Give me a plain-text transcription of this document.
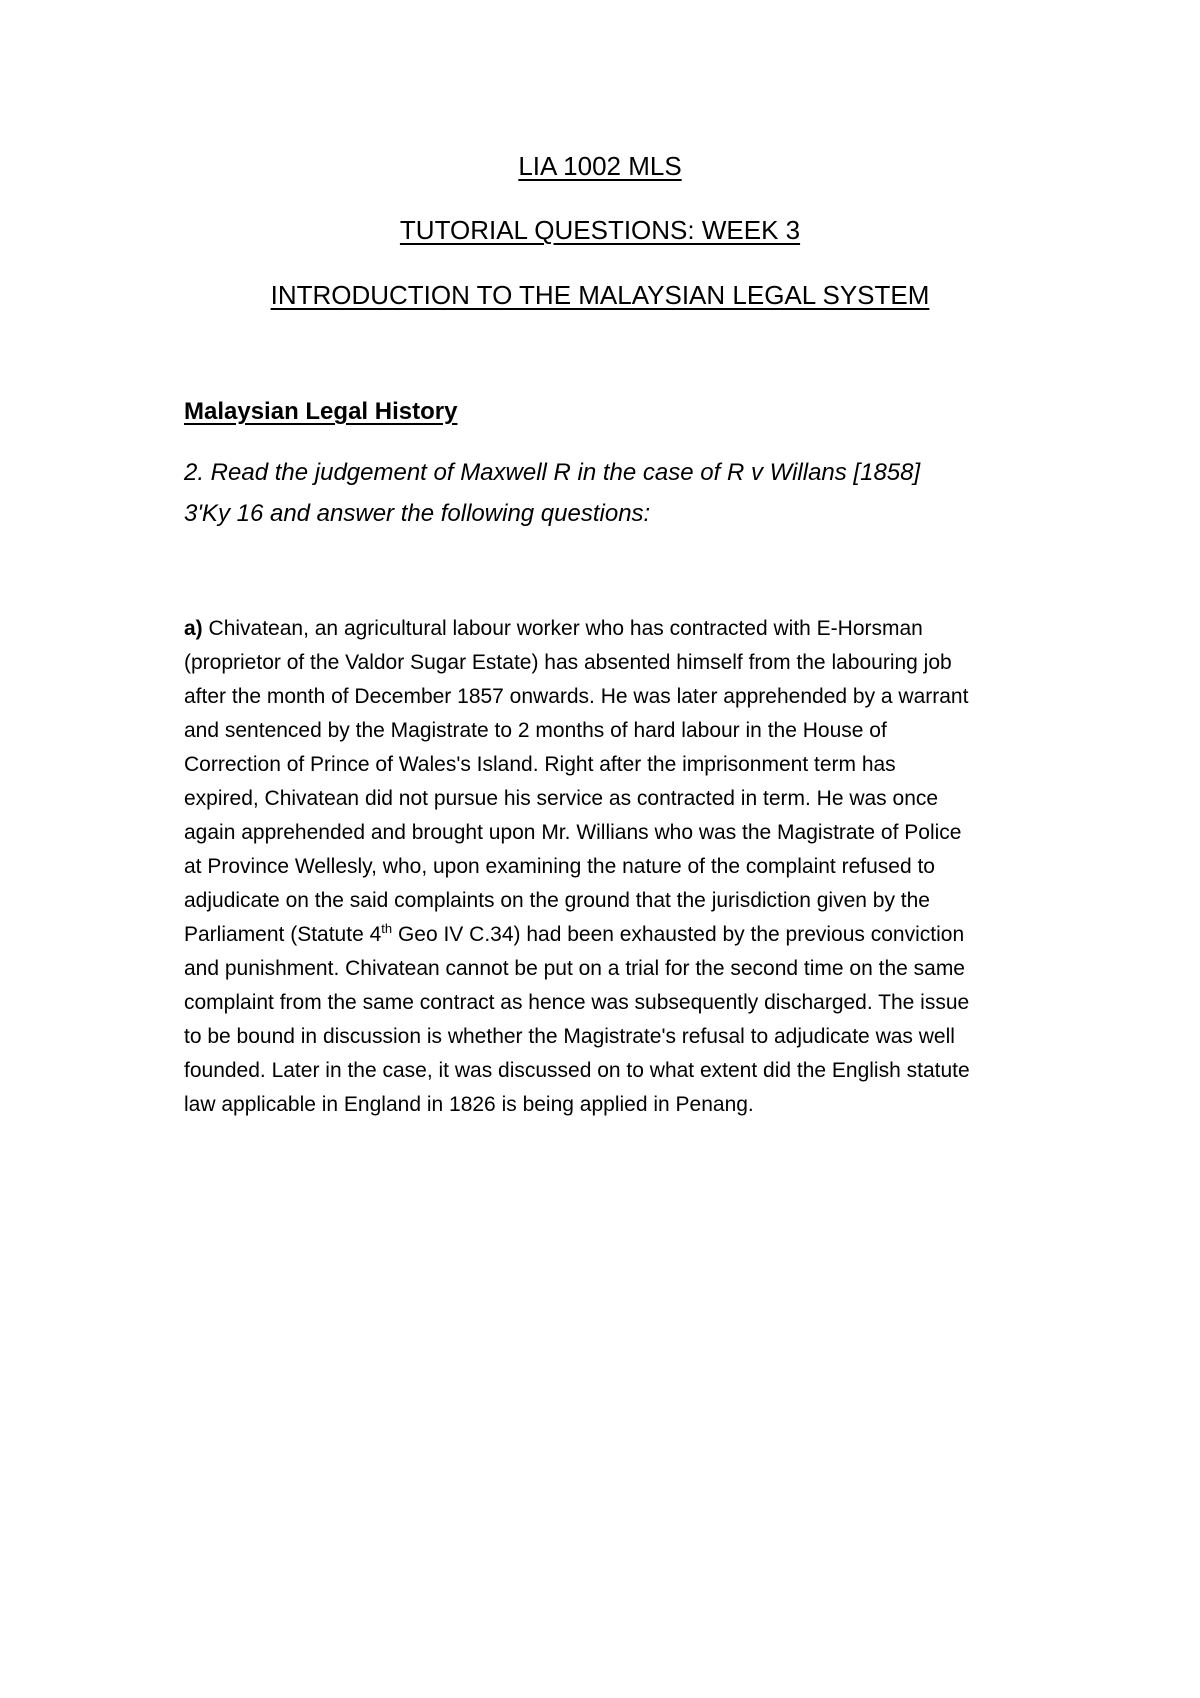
LIA 1002 MLS
TUTORIAL QUESTIONS: WEEK 3
INTRODUCTION TO THE MALAYSIAN LEGAL SYSTEM
Malaysian Legal History
2. Read the judgement of Maxwell R in the case of R v Willans [1858]
3'Ky 16 and answer the following questions:
a) Chivatean, an agricultural labour worker who has contracted with E-Horsman
(proprietor of the Valdor Sugar Estate) has absented himself from the labouring job
after the month of December 1857 onwards. He was later apprehended by a warrant
and sentenced by the Magistrate to 2 months of hard labour in the House of
Correction of Prince of Wales's Island. Right after the imprisonment term has
expired, Chivatean did not pursue his service as contracted in term. He was once
again apprehended and brought upon Mr. Willians who was the Magistrate of Police
at Province Wellesly, who, upon examining the nature of the complaint refused to
adjudicate on the said complaints on the ground that the jurisdiction given by the
Parliament (Statute 4th Geo IV C.34) had been exhausted by the previous conviction
and punishment. Chivatean cannot be put on a trial for the second time on the same
complaint from the same contract as hence was subsequently discharged. The issue
to be bound in discussion is whether the Magistrate's refusal to adjudicate was well
founded. Later in the case, it was discussed on to what extent did the English statute
law applicable in England in 1826 is being applied in Penang.
